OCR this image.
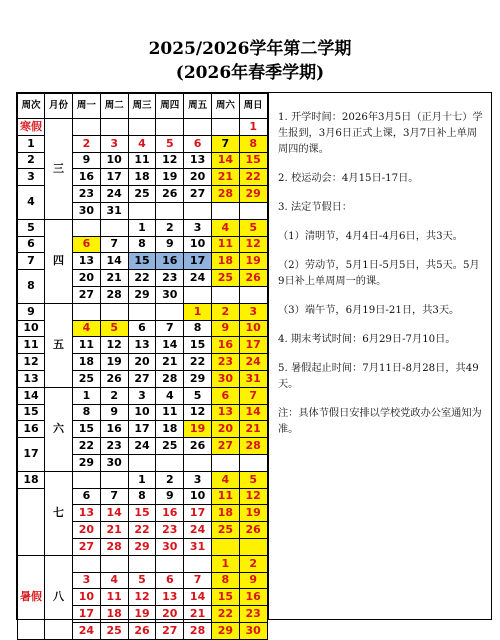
2025/2026学年第二学期
(2026年春季学期)
周次	月份	周一	周二	周三	周四	周五	周六	周日
寒假	三							1
1		2	3	4	5	6	7	8
2		9	10	11	12	13	14	15
3		16	17	18	19	20	21	22
4		23	24	25	26	27	28	29
		30	31					
5	四			1	2	3	4	5
6		6	7	8	9	10	11	12
7		13	14	15	16	17	18	19
8		20	21	22	23	24	25	26
		27	28	29	30			
9	五					1	2	3
10		4	5	6	7	8	9	10
11		11	12	13	14	15	16	17
12		18	19	20	21	22	23	24
13		25	26	27	28	29	30	31
14	六	1	2	3	4	5	6	7
15		8	9	10	11	12	13	14
16		15	16	17	18	19	20	21
17		22	23	24	25	26	27	28
		29	30					
18	七			1	2	3	4	5
		6	7	8	9	10	11	12
		13	14	15	16	17	18	19
		20	21	22	23	24	25	26
		27	28	29	30	31		
暑假	八						1	2
		3	4	5	6	7	8	9
		10	11	12	13	14	15	16
		17	18	19	20	21	22	23
		24	25	26	27	28	29	30

1. 开学时间：2026年3月5日（正月十七）学生报到，3月6日正式上课，3月7日补上单周周四的课。

2. 校运动会：4月15日-17日。

3. 法定节假日：

（1）清明节，4月4日-4月6日，共3天。

（2）劳动节，5月1日-5月5日，共5天。5月9日补上单周周一的课。

（3）端午节，6月19日-21日，共3天。

4. 期末考试时间：6月29日-7月10日。

5. 暑假起止时间：7月11日-8月28日，共49天。

注：具体节假日安排以学校党政办公室通知为准。
